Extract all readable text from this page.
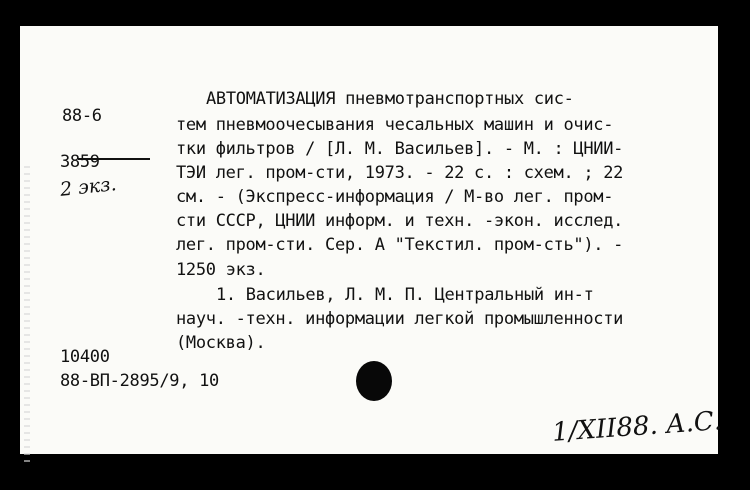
88-6
3859
2 экз.
АВТОМАТИЗАЦИЯ пневмотранспортных сис-
тем пневмоочесывания чесальных машин и очис-
тки фильтров / [Л. М. Васильев]. - М. : ЦНИИ-
ТЭИ лег. пром-сти, 1973. - 22 с. : схем. ; 22
см. - (Экспресс-информация / М-во лег. пром-
сти СССР, ЦНИИ информ. и техн. -экон. исслед.
лег. пром-сти. Сер. А "Текстил. пром-сть"). -
1250 экз.
1. Васильев, Л. М. П. Центральный ин-т
науч. -техн. информации легкой промышленности
(Москва).
10400
88-ВП-2895/9, 10
1/XII88. А.С.
